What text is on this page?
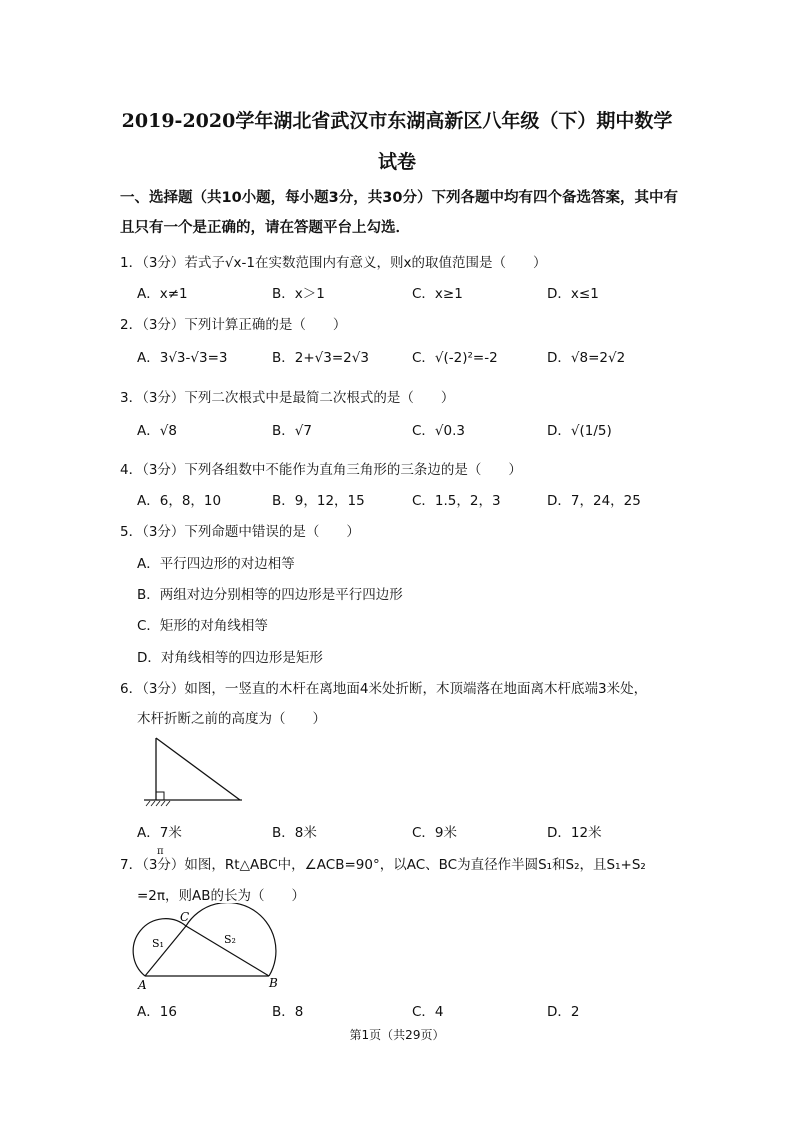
2019-2020学年湖北省武汉市东湖高新区八年级（下）期中数学
试卷
一、选择题（共10小题，每小题3分，共30分）下列各题中均有四个备选答案，其中有
且只有一个是正确的，请在答题平台上勾选．
1．（3分）若式子√x-1在实数范围内有意义，则x的取值范围是（　　）
A．x≠1	B．x＞1	C．x≥1	D．x≤1
2．（3分）下列计算正确的是（　　）
A．3√3-√3=3	B．2+√3=2√3	C．√(-2)²=-2	D．√8=2√2
3．（3分）下列二次根式中是最简二次根式的是（　　）
A．√8	B．√7	C．√0.3	D．√(1/5)
4．（3分）下列各组数中不能作为直角三角形的三条边的是（　　）
A．6，8，10	B．9，12，15	C．1.5，2，3	D．7，24，25
5．（3分）下列命题中错误的是（　　）
A．平行四边形的对边相等
B．两组对边分别相等的四边形是平行四边形
C．矩形的对角线相等
D．对角线相等的四边形是矩形
6．（3分）如图，一竖直的木杆在离地面4米处折断，木顶端落在地面离木杆底端3米处，
木杆折断之前的高度为（　　）
A．7米	B．8米	C．9米	D．12米
π
7．（3分）如图，Rt△ABC中，∠ACB=90°，以AC、BC为直径作半圆S₁和S₂，且S₁+S₂
=2π，则AB的长为（　　）
C
S₁	S₂
A	B
A．16	B．8	C．4	D．2
第1页（共29页）
